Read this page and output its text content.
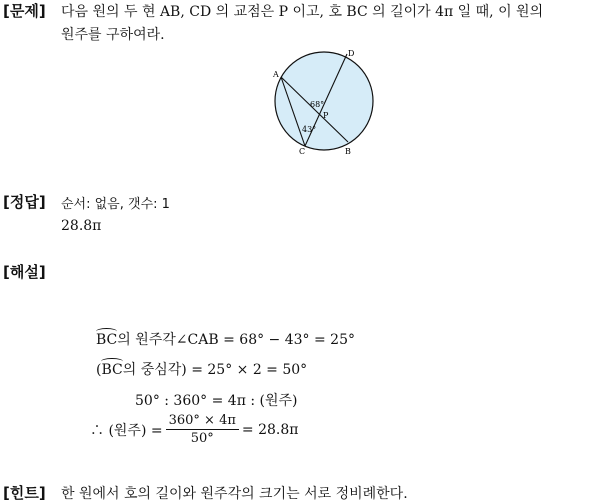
[문제] 다음 원의 두 현 AB, CD 의 교점은 P 이고, 호 BC 의 길이가 4π 일 때, 이 원의
원주를 구하여라.
A
D
P
C	B
68°
43°
[정답] 순서: 없음, 갯수: 1
28.8π
[해설]
BC의 원주각∠CAB = 68° − 43° = 25°
(BC의 중심각) = 25° × 2 = 50°
50° : 360° = 4π : (원주)
∴ (원주) = $\frac{360^\circ \times 4\pi}{50^\circ} = 28.8\pi$
[힌트] 한 원에서 호의 길이와 원주각의 크기는 서로 정비례한다.
